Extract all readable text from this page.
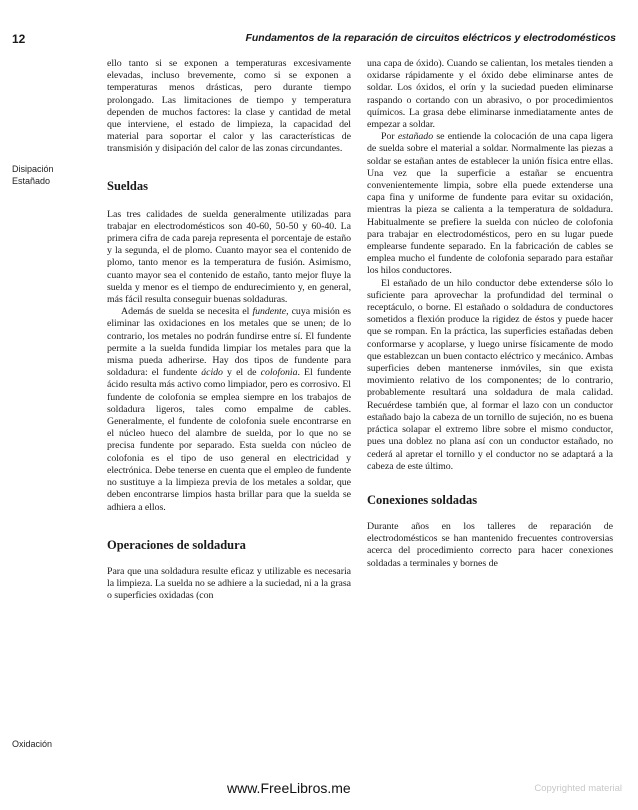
12	Fundamentos de la reparación de circuitos eléctricos y electrodomésticos
Disipación
Estañado
Oxidación

ello tanto si se exponen a temperaturas excesivamente elevadas, incluso brevemente, como si se exponen a temperaturas menos drásticas, pero durante tiempo prolongado. Las limitaciones de tiempo y temperatura dependen de muchos factores: la clase y cantidad de metal que interviene, el estado de limpieza, la capacidad del material para soportar el calor y las características de transmisión y disipación del calor de las zonas circundantes.

Sueldas

Las tres calidades de suelda generalmente utilizadas para trabajar en electrodomésticos son 40-60, 50-50 y 60-40. La primera cifra de cada pareja representa el porcentaje de estaño y la segunda, el de plomo. Cuanto mayor sea el contenido de plomo, tanto menor es la temperatura de fusión. Asimismo, cuanto mayor sea el contenido de estaño, tanto mejor fluye la suelda y menor es el tiempo de endurecimiento y, en general, más fácil resulta conseguir buenas soldaduras.

Además de suelda se necesita el fundente, cuya misión es eliminar las oxidaciones en los metales que se unen; de lo contrario, los metales no podrán fundirse entre sí. El fundente permite a la suelda fundida limpiar los metales para que la misma pueda adherirse. Hay dos tipos de fundente para soldadura: el fundente ácido y el de colofonia. El fundente ácido resulta más activo como limpiador, pero es corrosivo. El fundente de colofonia se emplea siempre en los trabajos de soldadura ligeros, tales como empalme de cables. Generalmente, el fundente de colofonia suele encontrarse en el núcleo hueco del alambre de suelda, por lo que no se precisa fundente por separado. Esta suelda con núcleo de colofonia es el tipo de uso general en electricidad y electrónica. Debe tenerse en cuenta que el empleo de fundente no sustituye a la limpieza previa de los metales a soldar, que deben encontrarse limpios hasta brillar para que la suelda se adhiera a ellos.

Operaciones de soldadura

Para que una soldadura resulte eficaz y utilizable es necesaria la limpieza. La suelda no se adhiere a la suciedad, ni a la grasa o superficies oxidadas (con

una capa de óxido). Cuando se calientan, los metales tienden a oxidarse rápidamente y el óxido debe eliminarse antes de soldar. Los óxidos, el orín y la suciedad pueden eliminarse raspando o cortando con un abrasivo, o por procedimientos químicos. La grasa debe eliminarse inmediatamente antes de empezar a soldar.

Por estañado se entiende la colocación de una capa ligera de suelda sobre el material a soldar. Normalmente las piezas a soldar se estañan antes de establecer la unión física entre ellas. Una vez que la superficie a estañar se encuentra convenientemente limpia, sobre ella puede extenderse una capa fina y uniforme de fundente para evitar su oxidación, mientras la pieza se calienta a la temperatura de soldadura. Habitualmente se prefiere la suelda con núcleo de colofonia para trabajar en electrodomésticos, pero en su lugar puede emplearse fundente separado. En la fabricación de cables se emplea mucho el fundente de colofonia separado para estañar los hilos conductores.

El estañado de un hilo conductor debe extenderse sólo lo suficiente para aprovechar la profundidad del terminal o receptáculo, o borne. El estañado o soldadura de conductores sometidos a flexión produce la rigidez de éstos y puede hacer que se rompan. En la práctica, las superficies estañadas deben conformarse y acoplarse, y luego unirse físicamente de modo que establezcan un buen contacto eléctrico y mecánico. Ambas superficies deben mantenerse inmóviles, sin que exista movimiento relativo de los componentes; de lo contrario, probablemente resultará una soldadura de mala calidad. Recuérdese también que, al formar el lazo con un conductor estañado bajo la cabeza de un tornillo de sujeción, no es buena práctica solapar el extremo libre sobre el mismo conductor, pues una doblez no plana así con un conductor estañado, no cederá al apretar el tornillo y el conductor no se adaptará a la cabeza de este último.

Conexiones soldadas

Durante años en los talleres de reparación de electrodomésticos se han mantenido frecuentes controversias acerca del procedimiento correcto para hacer conexiones soldadas a terminales y bornes de

www.FreeLibros.me	Copyrighted material
